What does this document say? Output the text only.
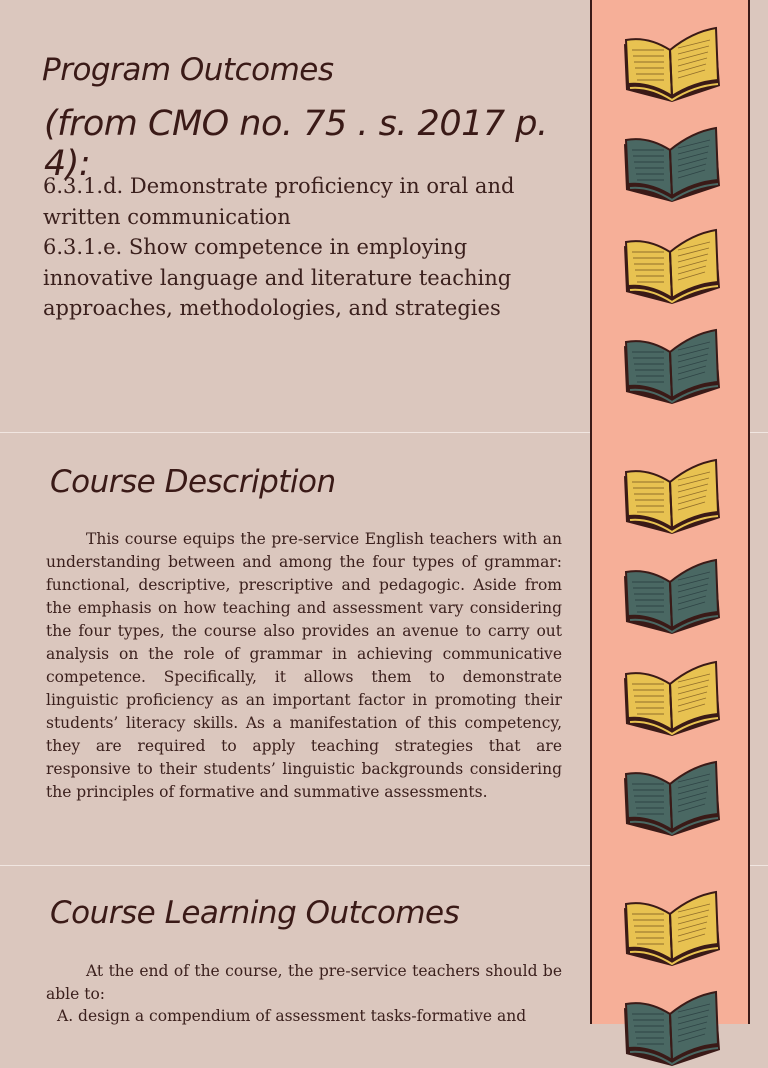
Program Outcomes
(from CMO no. 75 . s. 2017 p. 4):
6.3.1.d. Demonstrate proficiency in oral and written communication
6.3.1.e. Show competence in employing innovative language and literature teaching approaches, methodologies, and strategies
Course Description

This course equips the pre-service English teachers with an understanding between and among the four types of grammar: functional, descriptive, prescriptive and pedagogic. Aside from the emphasis on how teaching and assessment vary considering the four types, the course also provides an avenue to carry out analysis on the role of grammar in achieving communicative competence. Specifically, it allows them to demonstrate linguistic proficiency as an important factor in promoting their students’ literacy skills. As a manifestation of this competency, they are required to apply teaching strategies that are responsive to their students’ linguistic backgrounds considering the principles of formative and summative assessments.

Course Learning Outcomes

At the end of the course, the pre-service teachers should be able to:

A. design a compendium of assessment tasks-formative and
